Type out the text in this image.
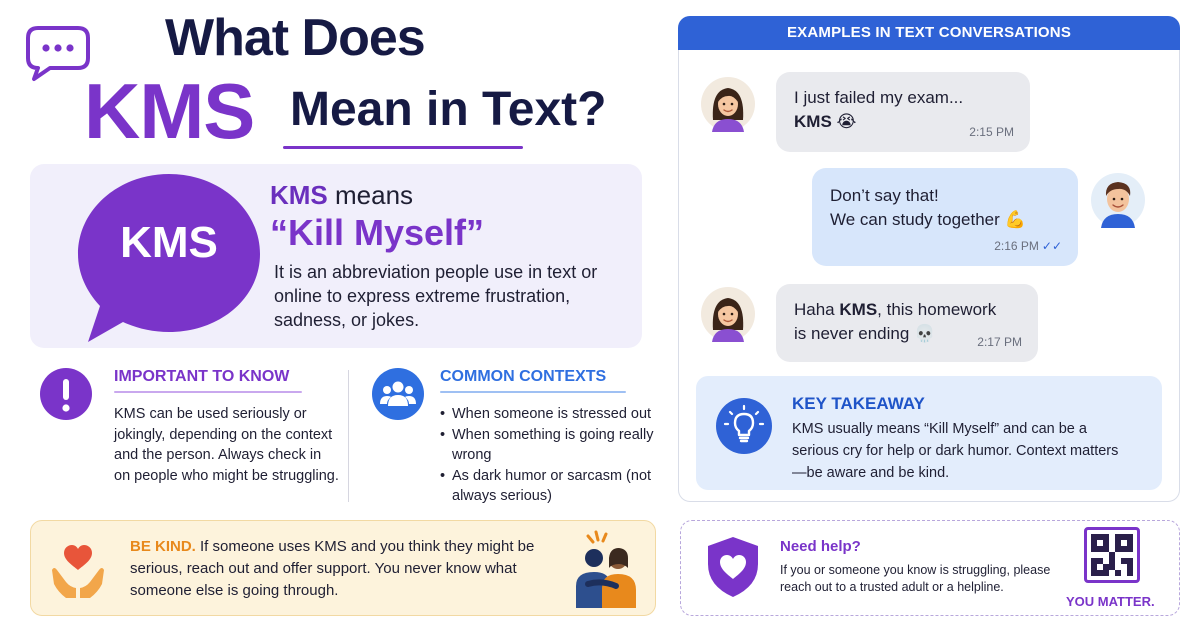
What Does
KMS Mean in Text?
KMS
KMS means
“Kill Myself”
It is an abbreviation people use in text or online to express extreme frustration, sadness, or jokes.
IMPORTANT TO KNOW
KMS can be used seriously or jokingly, depending on the context and the person. Always check in on people who might be struggling.
COMMON CONTEXTS
• When someone is stressed out
• When something is going really wrong
• As dark humor or sarcasm (not always serious)
BE KIND. If someone uses KMS and you think they might be serious, reach out and offer support. You never know what someone else is going through.
EXAMPLES IN TEXT CONVERSATIONS
I just failed my exam...
KMS 😭
2:15 PM
Don’t say that!
We can study together 💪
2:16 PM ✓✓
Haha KMS, this homework
is never ending 💀	2:17 PM
KEY TAKEAWAY
KMS usually means “Kill Myself” and can be a serious cry for help or dark humor. Context matters—be aware and be kind.
Need help?
If you or someone you know is struggling, please reach out to a trusted adult or a helpline.
YOU MATTER.
